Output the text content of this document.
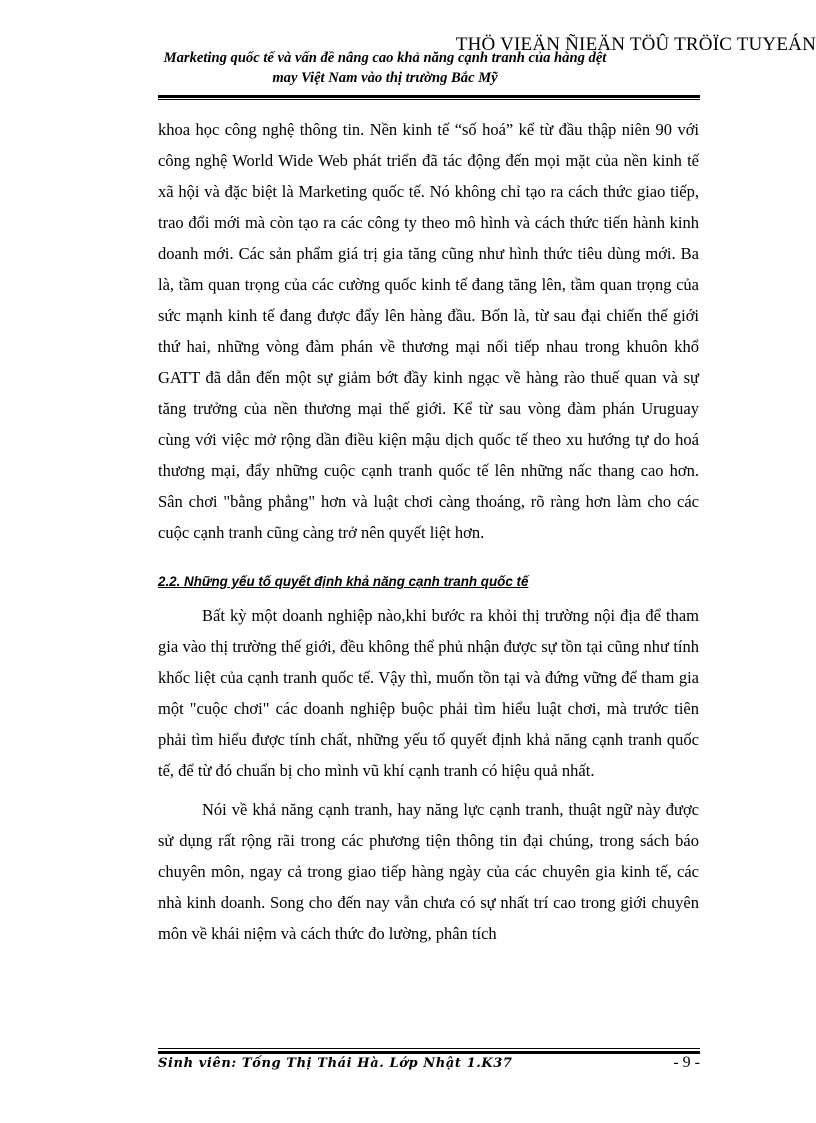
THÖ VIEÄN ÑIEÄN TÖÛ TRÖÏC TUYEÁN
Marketing quốc tế và vấn đề nâng cao khả năng cạnh tranh của hàng dệt
may Việt Nam vào thị trường Bắc Mỹ

khoa học công nghệ thông tin. Nền kinh tế “số hoá” kể từ đầu thập niên 90 với công nghệ World Wide Web phát triển đã tác động đến mọi mặt của nền kinh tế xã hội và đặc biệt là Marketing quốc tế. Nó không chỉ tạo ra cách thức giao tiếp, trao đổi mới mà còn tạo ra các công ty theo mô hình và cách thức tiến hành kinh doanh mới. Các sản phẩm giá trị gia tăng cũng như hình thức tiêu dùng mới. Ba là, tầm quan trọng của các cường quốc kinh tế đang tăng lên, tầm quan trọng của sức mạnh kinh tế đang được đẩy lên hàng đầu. Bốn là, từ sau đại chiến thế giới thứ hai, những vòng đàm phán về thương mại nối tiếp nhau trong khuôn khổ GATT đã dẫn đến một sự giảm bớt đầy kinh ngạc về hàng rào thuế quan và sự tăng trưởng của nền thương mại thế giới. Kể từ sau vòng đàm phán Uruguay cùng với việc mở rộng dần điều kiện mậu dịch quốc tế theo xu hướng tự do hoá thương mại, đẩy những cuộc cạnh tranh quốc tế lên những nấc thang cao hơn. Sân chơi "bằng phẳng" hơn và luật chơi càng thoáng, rõ ràng hơn làm cho các cuộc cạnh tranh cũng càng trở nên quyết liệt hơn.

2.2. Những yếu tố quyết định khả năng cạnh tranh quốc tế

Bất kỳ một doanh nghiệp nào,khi bước ra khỏi thị trường nội địa để tham gia vào thị trường thế giới, đều không thể phủ nhận được sự tồn tại cũng như tính khốc liệt của cạnh tranh quốc tế. Vậy thì, muốn tồn tại và đứng vững để tham gia một "cuộc chơi" các doanh nghiệp buộc phải tìm hiểu luật chơi, mà trước tiên phải tìm hiểu được tính chất, những yếu tố quyết định khả năng cạnh tranh quốc tế, để từ đó chuẩn bị cho mình vũ khí cạnh tranh có hiệu quả nhất.

Nói về khả năng cạnh tranh, hay năng lực cạnh tranh, thuật ngữ này được sử dụng rất rộng rãi trong các phương tiện thông tin đại chúng, trong sách báo chuyên môn, ngay cả trong giao tiếp hàng ngày của các chuyên gia kinh tế, các nhà kinh doanh. Song cho đến nay vẫn chưa có sự nhất trí cao trong giới chuyên môn về khái niệm và cách thức đo lường, phân tích

Sinh viên: Tống Thị Thái Hà. Lớp Nhật 1.K37	- 9 -
